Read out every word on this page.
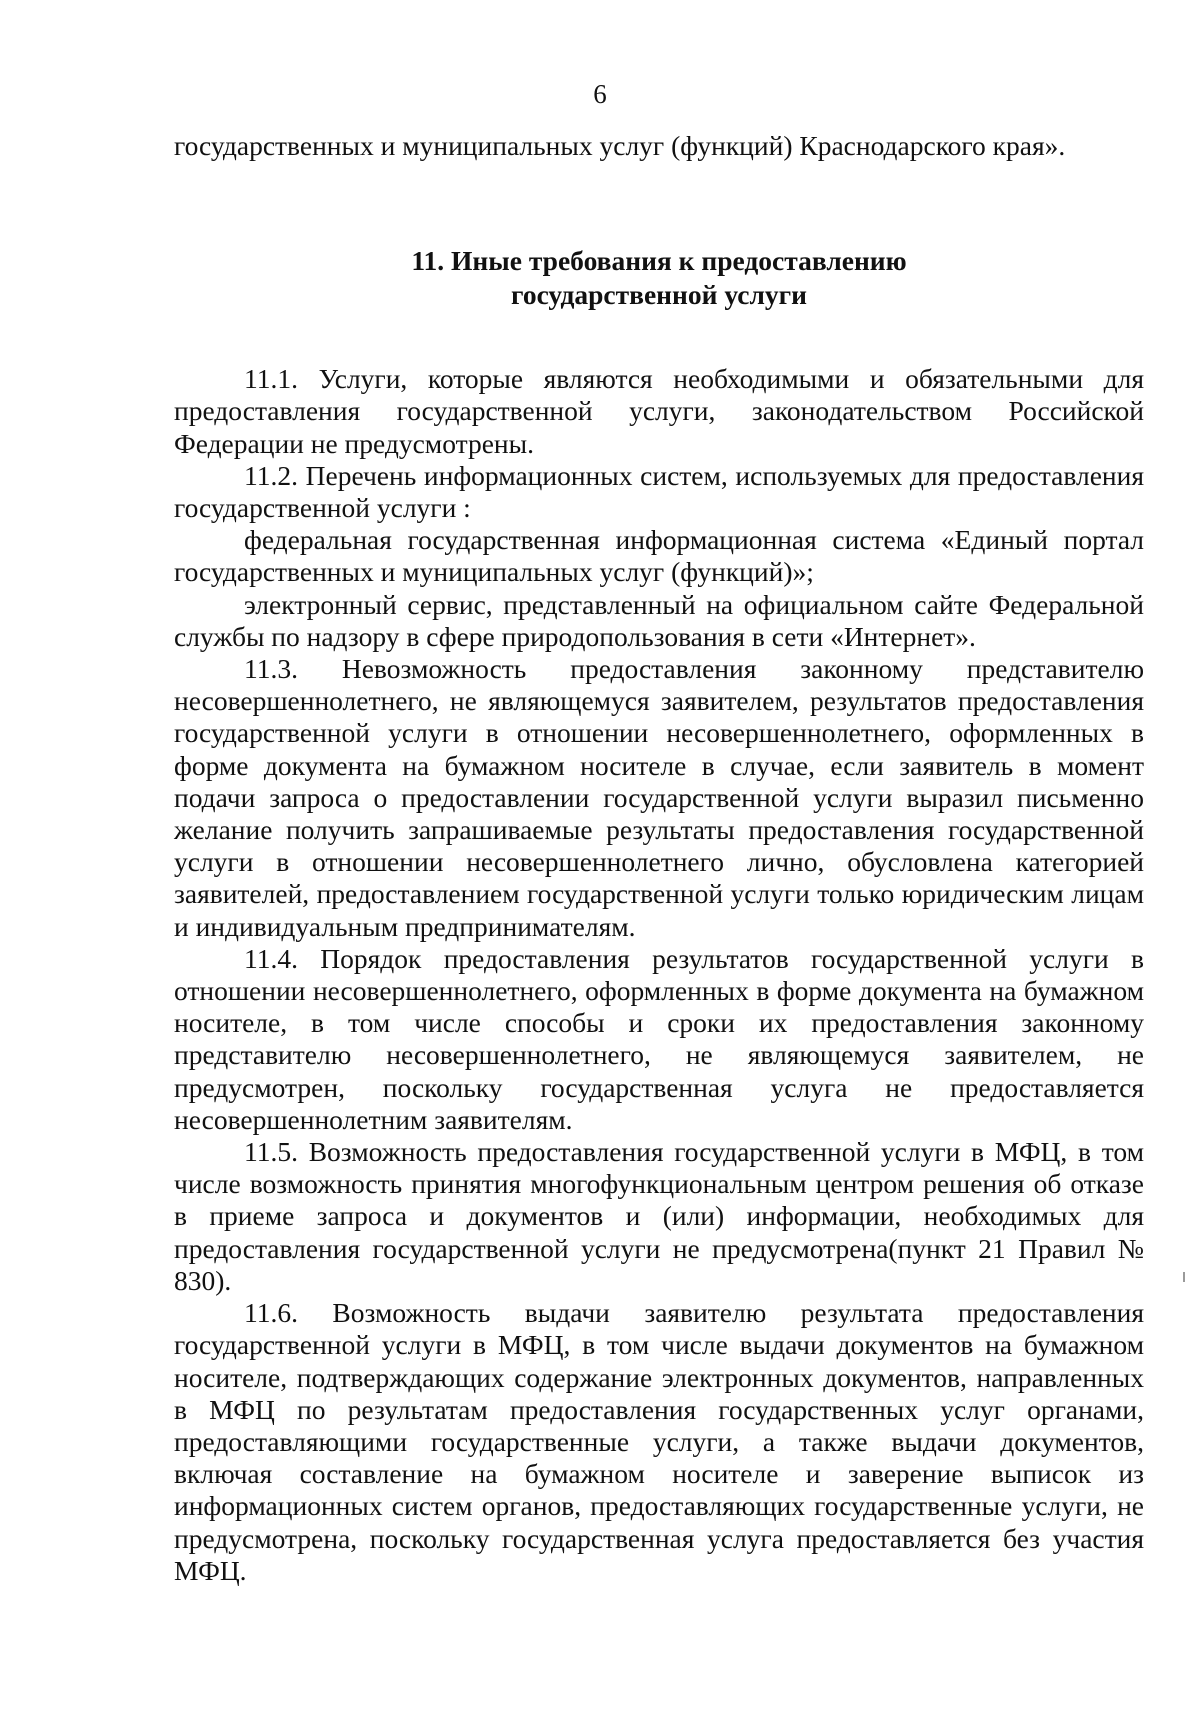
6

государственных и муниципальных услуг (функций) Краснодарского края».

11. Иные требования к предоставлению
государственной услуги

11.1. Услуги, которые являются необходимыми и обязательными для предоставления государственной услуги, законодательством Российской Федерации не предусмотрены.

11.2. Перечень информационных систем, используемых для предоставления государственной услуги :

федеральная государственная информационная система «Единый портал государственных и муниципальных услуг (функций)»;

электронный сервис, представленный на официальном сайте Федеральной службы по надзору в сфере природопользования в сети «Интернет».

11.3. Невозможность предоставления законному представителю несовершеннолетнего, не являющемуся заявителем, результатов предоставления государственной услуги в отношении несовершеннолетнего, оформленных в форме документа на бумажном носителе в случае, если заявитель в момент подачи запроса о предоставлении государственной услуги выразил письменно желание получить запрашиваемые результаты предоставления государственной услуги в отношении несовершеннолетнего лично, обусловлена категорией заявителей, предоставлением государственной услуги только юридическим лицам и индивидуальным предпринимателям.

11.4. Порядок предоставления результатов государственной услуги в отношении несовершеннолетнего, оформленных в форме документа на бумажном носителе, в том числе способы и сроки их предоставления законному представителю несовершеннолетнего, не являющемуся заявителем, не предусмотрен, поскольку государственная услуга не предоставляется несовершеннолетним заявителям.

11.5. Возможность предоставления государственной услуги в МФЦ, в том числе возможность принятия многофункциональным центром решения об отказе в приеме запроса и документов и (или) информации, необходимых для предоставления государственной услуги не предусмотрена(пункт 21 Правил № 830).

11.6. Возможность выдачи заявителю результата предоставления государственной услуги в МФЦ, в том числе выдачи документов на бумажном носителе, подтверждающих содержание электронных документов, направленных в МФЦ по результатам предоставления государственных услуг органами, предоставляющими государственные услуги, а также выдачи документов, включая составление на бумажном носителе и заверение выписок из информационных систем органов, предоставляющих государственные услуги, не предусмотрена, поскольку государственная услуга предоставляется без участия МФЦ.
